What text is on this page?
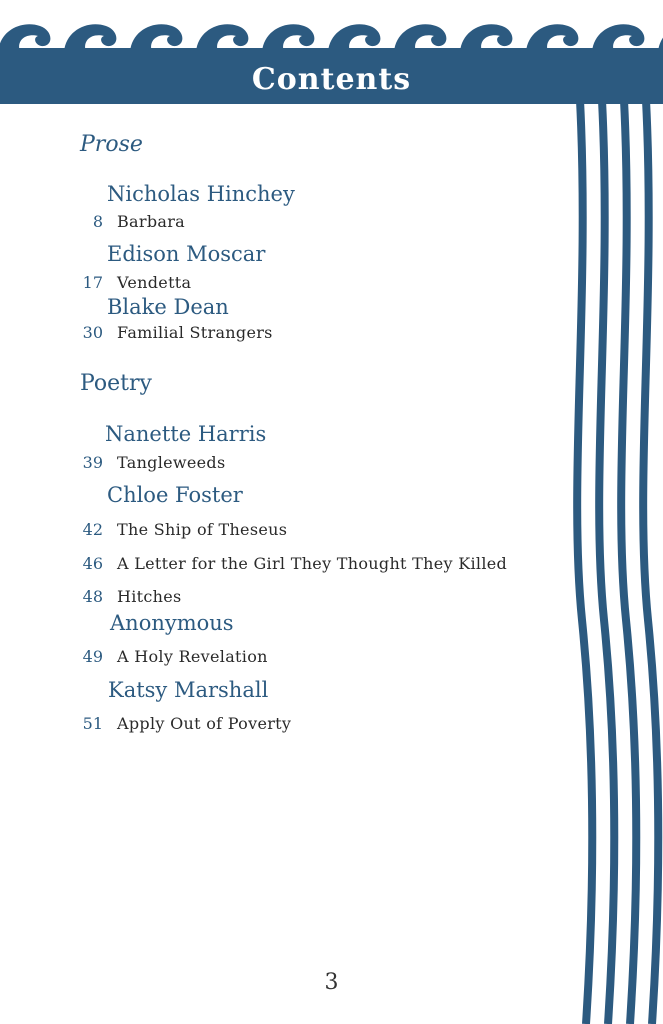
Contents
Prose
Nicholas Hinchey
8 Barbara
Edison Moscar
17 Vendetta
Blake Dean
30 Familial Strangers
Poetry
Nanette Harris
39 Tangleweeds
Chloe Foster
42 The Ship of Theseus
46 A Letter for the Girl They Thought They Killed
48 Hitches
Anonymous
49 A Holy Revelation
Katsy Marshall
51 Apply Out of Poverty
3
